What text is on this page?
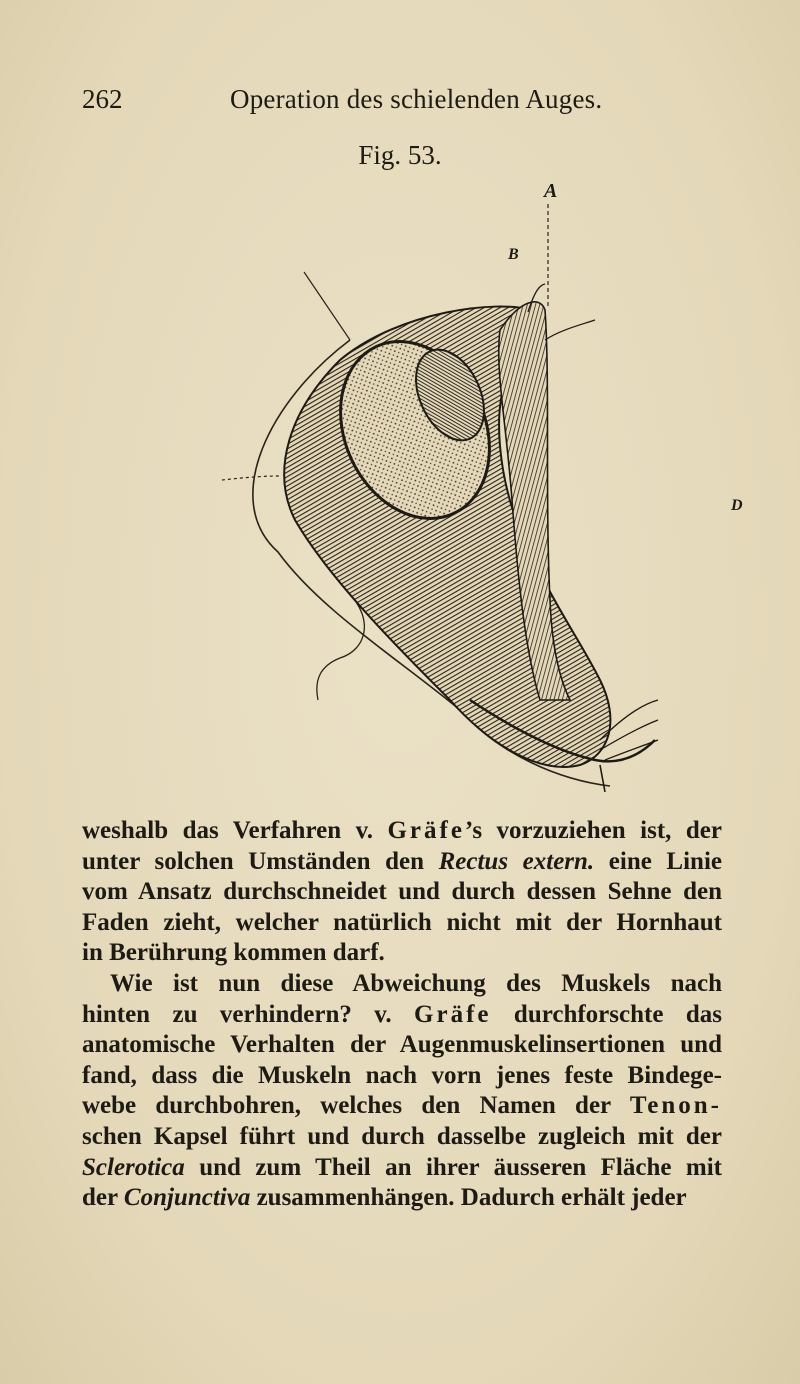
262	Operation des schielenden Auges.
Fig. 53.
A
B
D
weshalb das Verfahren v. Gräfe’s vorzuziehen ist, der
unter solchen Umständen den Rectus extern. eine Linie
vom Ansatz durchschneidet und durch dessen Sehne den
Faden zieht, welcher natürlich nicht mit der Hornhaut
in Berührung kommen darf.
Wie ist nun diese Abweichung des Muskels nach
hinten zu verhindern? v. Gräfe durchforschte das
anatomische Verhalten der Augenmuskelinsertionen und
fand, dass die Muskeln nach vorn jenes feste Bindege-
webe durchbohren, welches den Namen der Tenon-
schen Kapsel führt und durch dasselbe zugleich mit der
Sclerotica und zum Theil an ihrer äusseren Fläche mit
der Conjunctiva zusammenhängen. Dadurch erhält jeder
